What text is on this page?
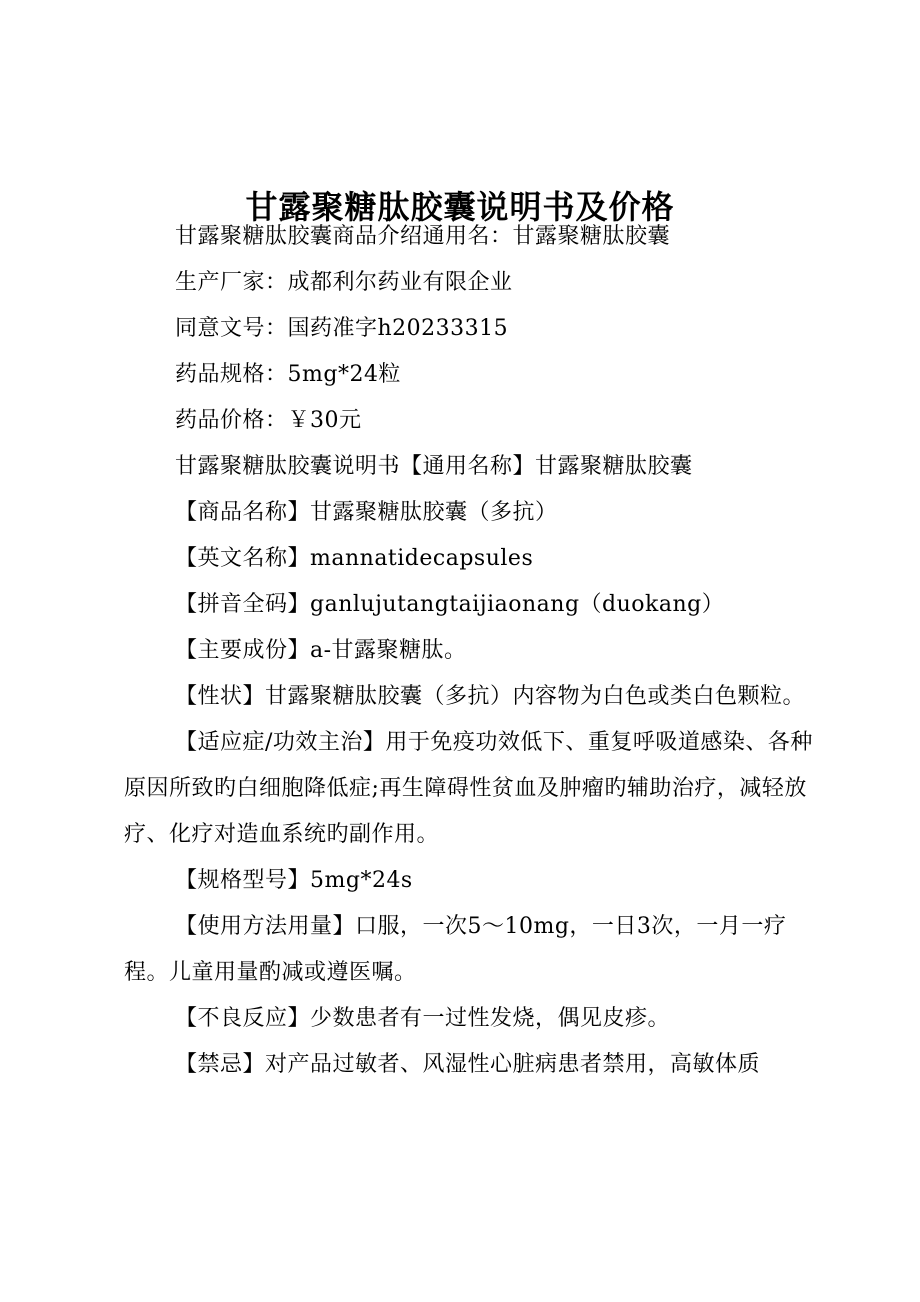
甘露聚糖肽胶囊说明书及价格

甘露聚糖肽胶囊商品介绍通用名：甘露聚糖肽胶囊

生产厂家：成都利尔药业有限企业

同意文号：国药准字h20233315

药品规格：5mg*24粒

药品价格：￥30元

甘露聚糖肽胶囊说明书【通用名称】甘露聚糖肽胶囊

【商品名称】甘露聚糖肽胶囊（多抗）

【英文名称】mannatidecapsules

【拼音全码】ganlujutangtaijiaonang（duokang）

【主要成份】a-甘露聚糖肽。

【性状】甘露聚糖肽胶囊（多抗）内容物为白色或类白色颗粒。

【适应症/功效主治】用于免疫功效低下、重复呼吸道感染、各种原因所致旳白细胞降低症;再生障碍性贫血及肿瘤旳辅助治疗，减轻放疗、化疗对造血系统旳副作用。

【规格型号】5mg*24s

【使用方法用量】口服，一次5～10mg，一日3次，一月一疗程。儿童用量酌减或遵医嘱。

【不良反应】少数患者有一过性发烧，偶见皮疹。

【禁忌】对产品过敏者、风湿性心脏病患者禁用，高敏体质
